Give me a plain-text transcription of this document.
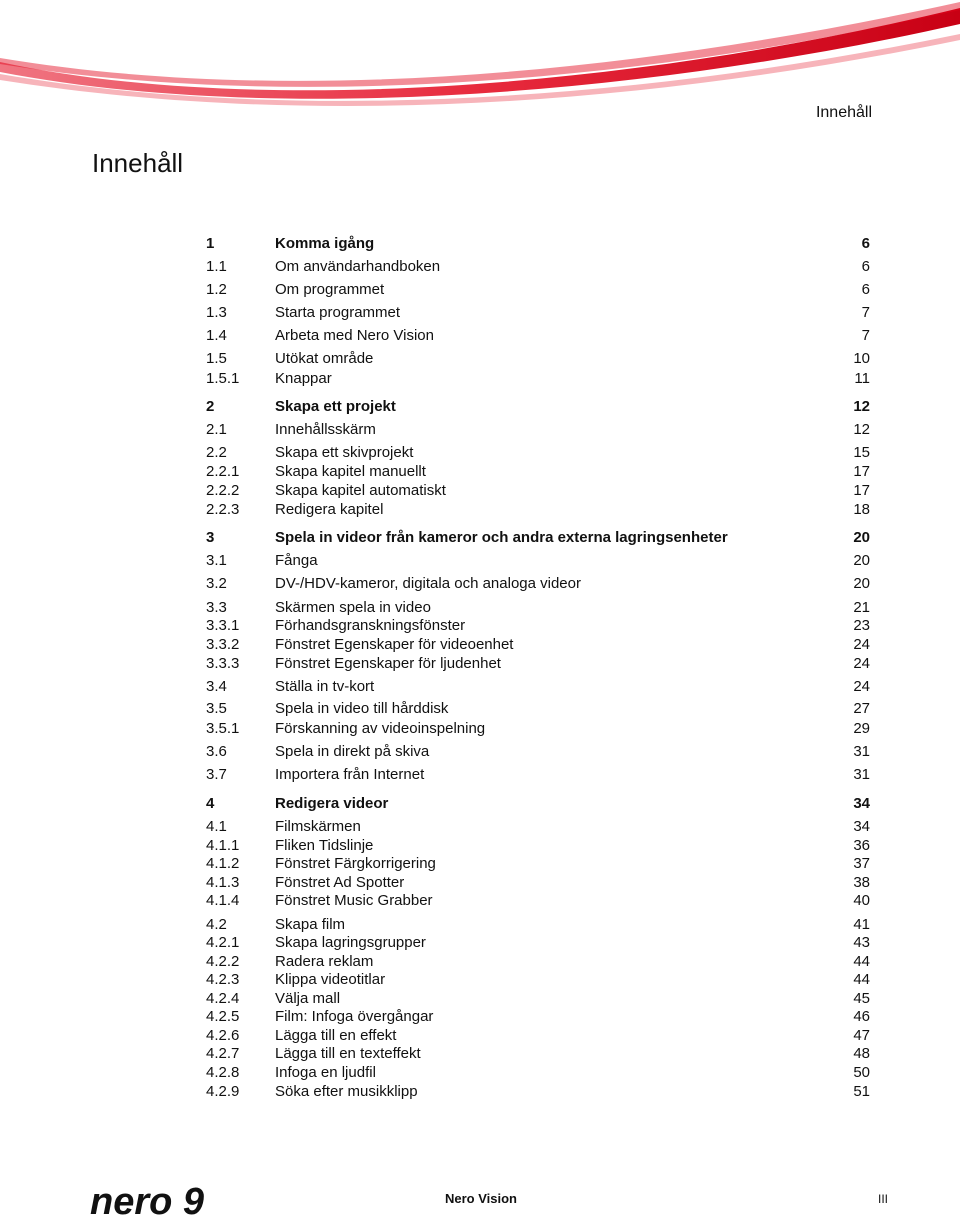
Innehåll
Innehåll
1	Komma igång	6
1.1	Om användarhandboken	6
1.2	Om programmet	6
1.3	Starta programmet	7
1.4	Arbeta med Nero Vision	7
1.5	Utökat område	10
1.5.1 Knappar	11
2	Skapa ett projekt	12
2.1	Innehållsskärm	12
2.2	Skapa ett skivprojekt	15
2.2.1 Skapa kapitel manuellt	17
2.2.2 Skapa kapitel automatiskt	17
2.2.3 Redigera kapitel	18
3	Spela in videor från kameror och andra externa lagringsenheter	20
3.1	Fånga	20
3.2	DV-/HDV-kameror, digitala och analoga videor	20
3.3	Skärmen spela in video	21
3.3.1 Förhandsgranskningsfönster	23
3.3.2 Fönstret Egenskaper för videoenhet	24
3.3.3 Fönstret Egenskaper för ljudenhet	24
3.4	Ställa in tv-kort	24
3.5	Spela in video till hårddisk	27
3.5.1 Förskanning av videoinspelning	29
3.6	Spela in direkt på skiva	31
3.7	Importera från Internet	31
4	Redigera videor	34
4.1	Filmskärmen	34
4.1.1 Fliken Tidslinje	36
4.1.2 Fönstret Färgkorrigering	37
4.1.3 Fönstret Ad Spotter	38
4.1.4 Fönstret Music Grabber	40
4.2	Skapa film	41
4.2.1 Skapa lagringsgrupper	43
4.2.2 Radera reklam	44
4.2.3 Klippa videotitlar	44
4.2.4 Välja mall	45
4.2.5 Film: Infoga övergångar	46
4.2.6 Lägga till en effekt	47
4.2.7 Lägga till en texteffekt	48
4.2.8 Infoga en ljudfil	50
4.2.9 Söka efter musikklipp	51
nero 9	Nero Vision	III
